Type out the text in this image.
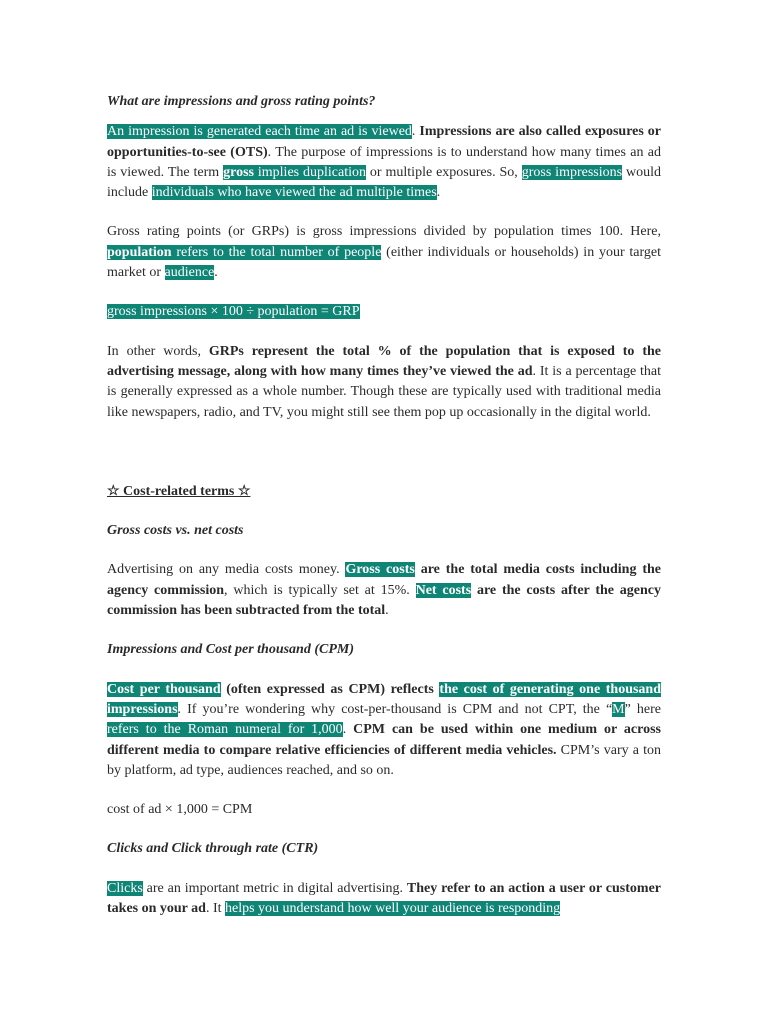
What are impressions and gross rating points?

An impression is generated each time an ad is viewed. Impressions are also called exposures or opportunities-to-see (OTS). The purpose of impressions is to understand how many times an ad is viewed. The term gross implies duplication or multiple exposures. So, gross impressions would include individuals who have viewed the ad multiple times.

Gross rating points (or GRPs) is gross impressions divided by population times 100. Here, population refers to the total number of people (either individuals or households) in your target market or audience.

gross impressions × 100 ÷ population = GRP

In other words, GRPs represent the total % of the population that is exposed to the advertising message, along with how many times they’ve viewed the ad. It is a percentage that is generally expressed as a whole number. Though these are typically used with traditional media like newspapers, radio, and TV, you might still see them pop up occasionally in the digital world.

☆ Cost-related terms ☆

Gross costs vs. net costs

Advertising on any media costs money. Gross costs are the total media costs including the agency commission, which is typically set at 15%. Net costs are the costs after the agency commission has been subtracted from the total.

Impressions and Cost per thousand (CPM)

Cost per thousand (often expressed as CPM) reflects the cost of generating one thousand impressions. If you’re wondering why cost-per-thousand is CPM and not CPT, the “M” here refers to the Roman numeral for 1,000. CPM can be used within one medium or across different media to compare relative efficiencies of different media vehicles. CPM’s vary a ton by platform, ad type, audiences reached, and so on.

cost of ad × 1,000 = CPM

Clicks and Click through rate (CTR)

Clicks are an important metric in digital advertising. They refer to an action a user or customer takes on your ad. It helps you understand how well your audience is responding
